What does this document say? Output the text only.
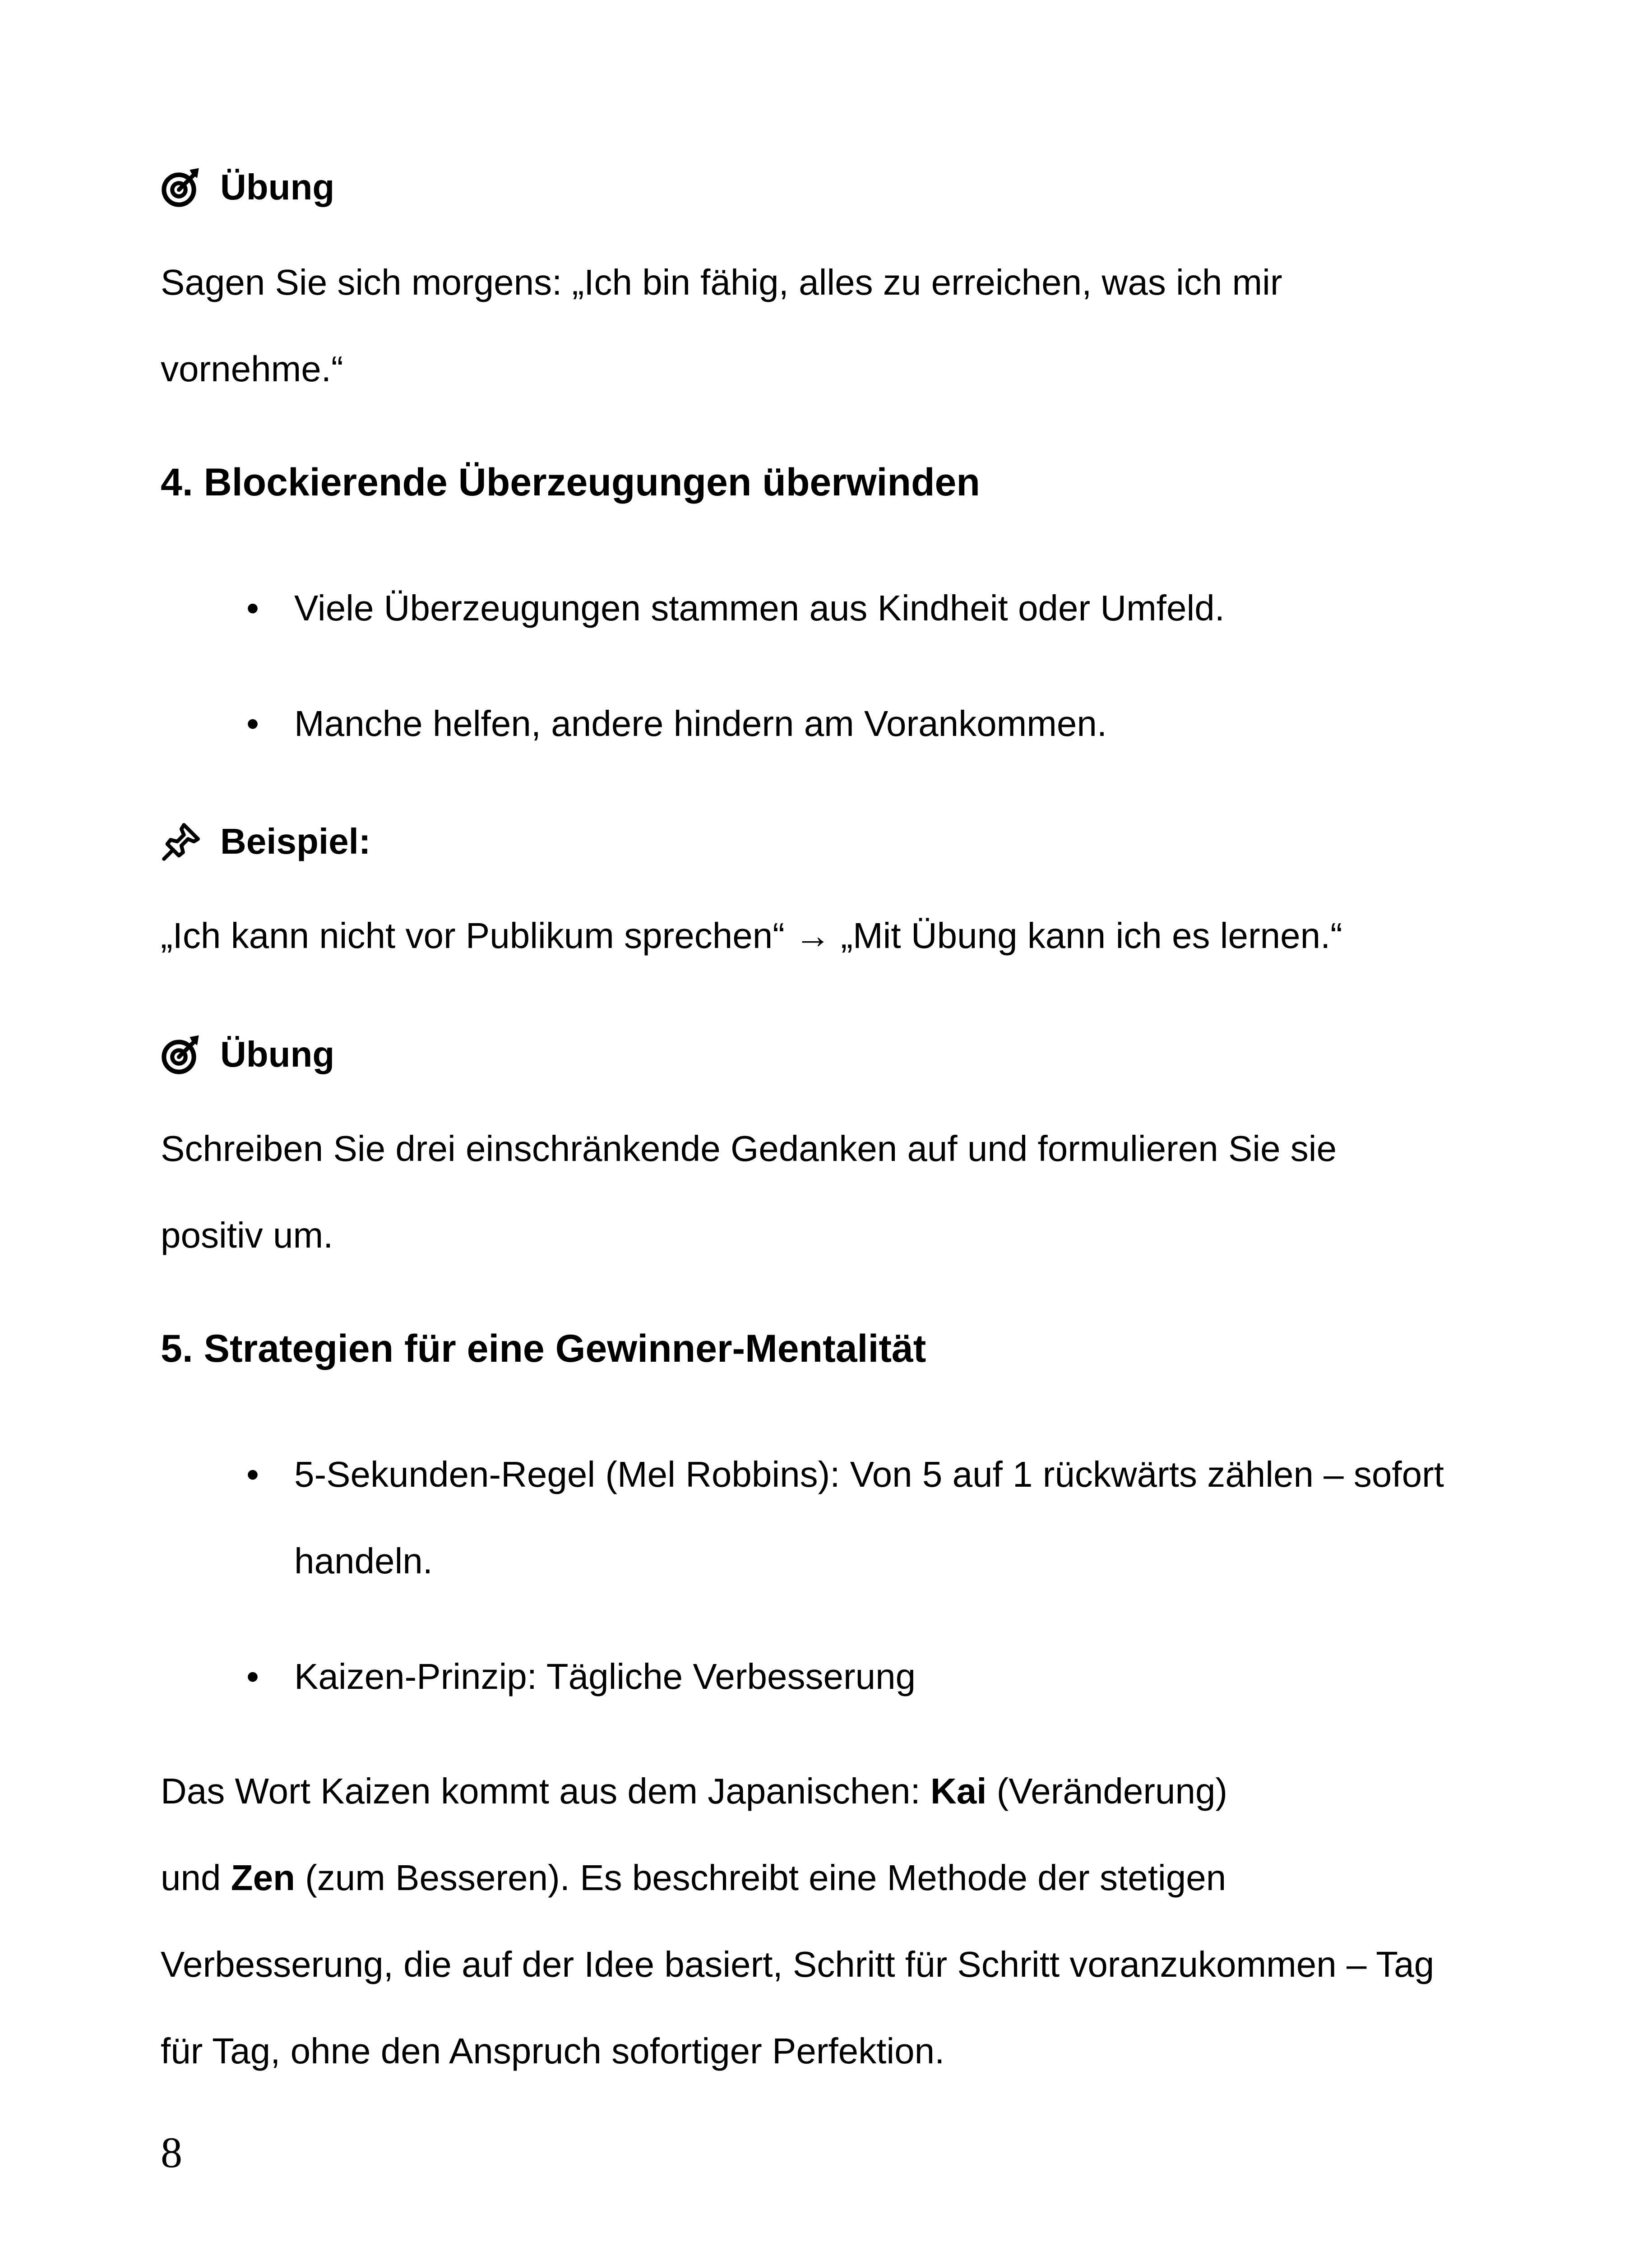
Übung

Sagen Sie sich morgens: „Ich bin fähig, alles zu erreichen, was ich mir

vornehme.“

4. Blockierende Überzeugungen überwinden
• Viele Überzeugungen stammen aus Kindheit oder Umfeld.
• Manche helfen, andere hindern am Vorankommen.
Beispiel:

„Ich kann nicht vor Publikum sprechen“ → „Mit Übung kann ich es lernen.“

Übung

Schreiben Sie drei einschränkende Gedanken auf und formulieren Sie sie

positiv um.

5. Strategien für eine Gewinner-Mentalität
• 5-Sekunden-Regel (Mel Robbins): Von 5 auf 1 rückwärts zählen – sofort
handeln.
• Kaizen-Prinzip: Tägliche Verbesserung

Das Wort Kaizen kommt aus dem Japanischen: Kai (Veränderung)

und Zen (zum Besseren). Es beschreibt eine Methode der stetigen

Verbesserung, die auf der Idee basiert, Schritt für Schritt voranzukommen – Tag

für Tag, ohne den Anspruch sofortiger Perfektion.

8
